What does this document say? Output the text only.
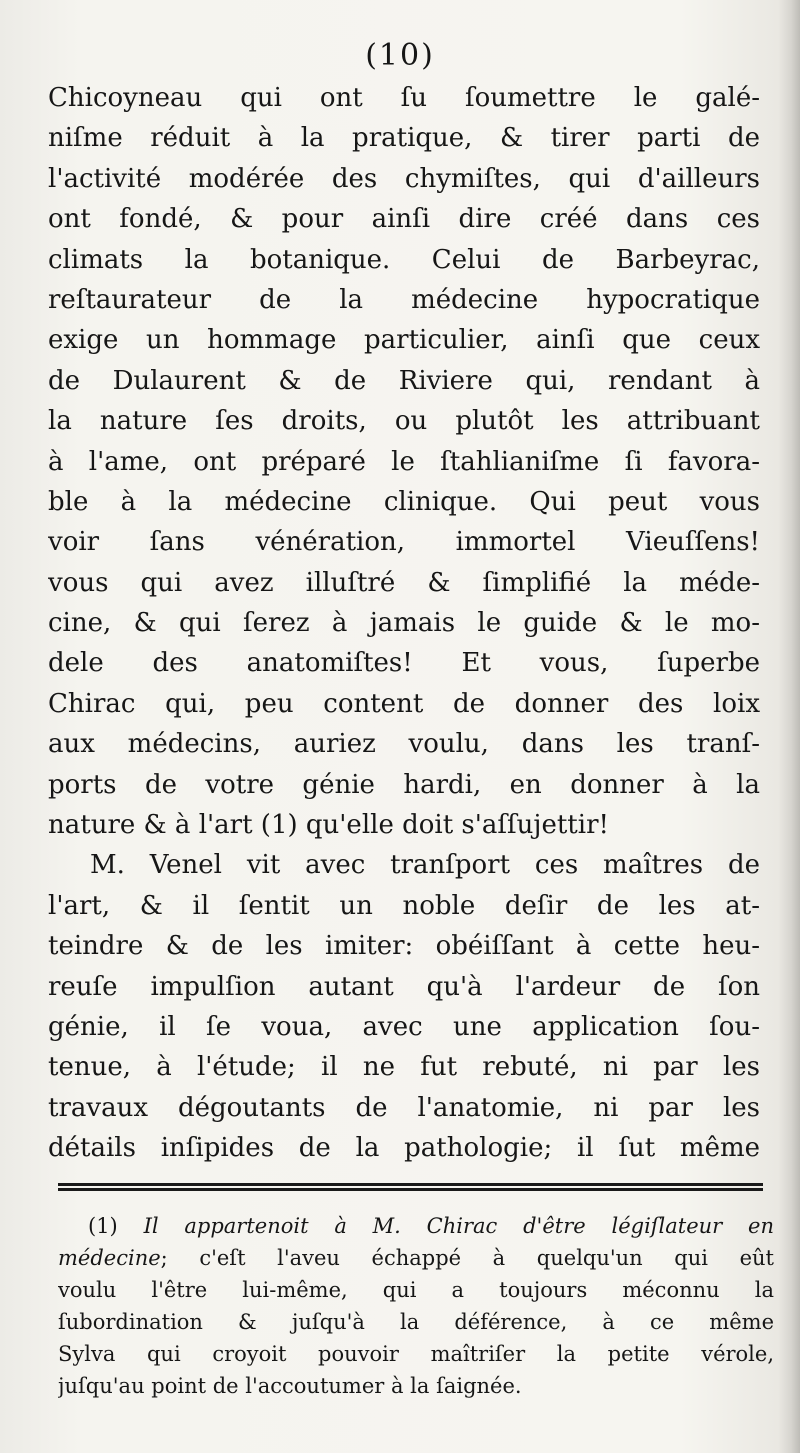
(10)
Chicoyneau qui ont ſu ſoumettre le galé-
niſme réduit à la pratique, & tirer parti de
l'activité modérée des chymiſtes, qui d'ailleurs
ont fondé, & pour ainſi dire créé dans ces
climats la botanique. Celui de Barbeyrac,
reſtaurateur de la médecine hypocratique
exige un hommage particulier, ainſi que ceux
de Dulaurent & de Riviere qui, rendant à
la nature ſes droits, ou plutôt les attribuant
à l'ame, ont préparé le ſtahlianiſme ſi favora-
ble à la médecine clinique. Qui peut vous
voir ſans vénération, immortel Vieuſſens!
vous qui avez illuſtré & ſimplifié la méde-
cine, & qui ſerez à jamais le guide & le mo-
dele des anatomiſtes! Et vous, ſuperbe
Chirac qui, peu content de donner des loix
aux médecins, auriez voulu, dans les tranſ-
ports de votre génie hardi, en donner à la
nature & à l'art (1) qu'elle doit s'aſſujettir!
M. Venel vit avec tranſport ces maîtres de
l'art, & il ſentit un noble deſir de les at-
teindre & de les imiter: obéiſſant à cette heu-
reuſe impulſion autant qu'à l'ardeur de ſon
génie, il ſe voua, avec une application ſou-
tenue, à l'étude; il ne fut rebuté, ni par les
travaux dégoutants de l'anatomie, ni par les
détails inſipides de la pathologie; il ſut même
(1) Il appartenoit à M. Chirac d'être légiſlateur en
médecine; c'eſt l'aveu échappé à quelqu'un qui eût
voulu l'être lui-même, qui a toujours méconnu la
ſubordination & juſqu'à la déférence, à ce même
Sylva qui croyoit pouvoir maîtriſer la petite vérole,
juſqu'au point de l'accoutumer à la ſaignée.
